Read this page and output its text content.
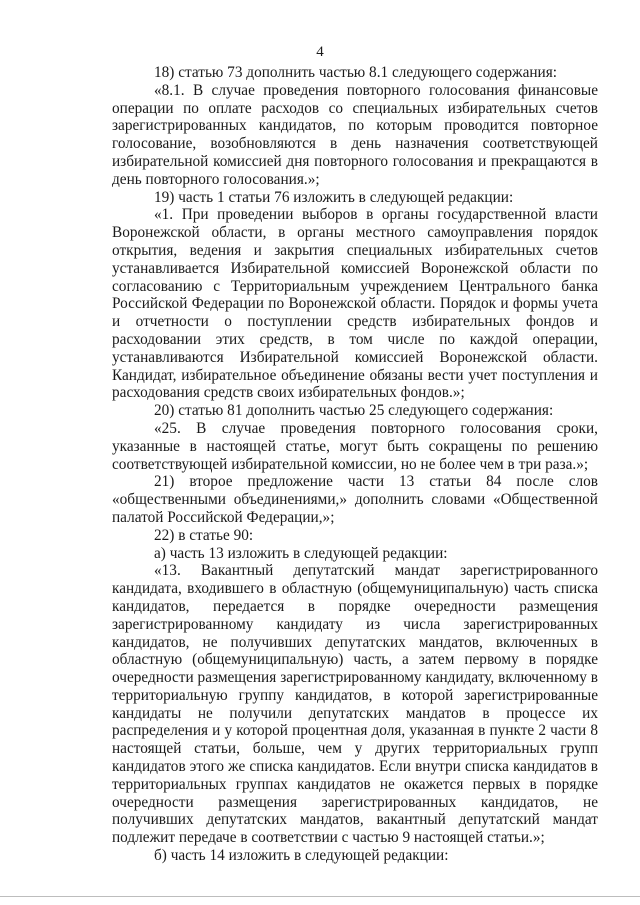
4

18) статью 73 дополнить частью 8.1 следующего содержания:

«8.1. В случае проведения повторного голосования финансовые операции по оплате расходов со специальных избирательных счетов зарегистрированных кандидатов, по которым проводится повторное голосование, возобновляются в день назначения соответствующей избирательной комиссией дня повторного голосования и прекращаются в день повторного голосования.»;

19) часть 1 статьи 76 изложить в следующей редакции:

«1. При проведении выборов в органы государственной власти Воронежской области, в органы местного самоуправления порядок открытия, ведения и закрытия специальных избирательных счетов устанавливается Избирательной комиссией Воронежской области по согласованию с Территориальным учреждением Центрального банка Российской Федерации по Воронежской области. Порядок и формы учета и отчетности о поступлении средств избирательных фондов и расходовании этих средств, в том числе по каждой операции, устанавливаются Избирательной комиссией Воронежской области. Кандидат, избирательное объединение обязаны вести учет поступления и расходования средств своих избирательных фондов.»;

20) статью 81 дополнить частью 25 следующего содержания:

«25. В случае проведения повторного голосования сроки, указанные в настоящей статье, могут быть сокращены по решению соответствующей избирательной комиссии, но не более чем в три раза.»;

21) второе предложение части 13 статьи 84 после слов «общественными объединениями,» дополнить словами «Общественной палатой Российской Федерации,»;

22) в статье 90:

а) часть 13 изложить в следующей редакции:

«13. Вакантный депутатский мандат зарегистрированного кандидата, входившего в областную (общемуниципальную) часть списка кандидатов, передается в порядке очередности размещения зарегистрированному кандидату из числа зарегистрированных кандидатов, не получивших депутатских мандатов, включенных в областную (общемуниципальную) часть, а затем первому в порядке очередности размещения зарегистрированному кандидату, включенному в территориальную группу кандидатов, в которой зарегистрированные кандидаты не получили депутатских мандатов в процессе их распределения и у которой процентная доля, указанная в пункте 2 части 8 настоящей статьи, больше, чем у других территориальных групп кандидатов этого же списка кандидатов. Если внутри списка кандидатов в территориальных группах кандидатов не окажется первых в порядке очередности размещения зарегистрированных кандидатов, не получивших депутатских мандатов, вакантный депутатский мандат подлежит передаче в соответствии с частью 9 настоящей статьи.»;

б) часть 14 изложить в следующей редакции:
